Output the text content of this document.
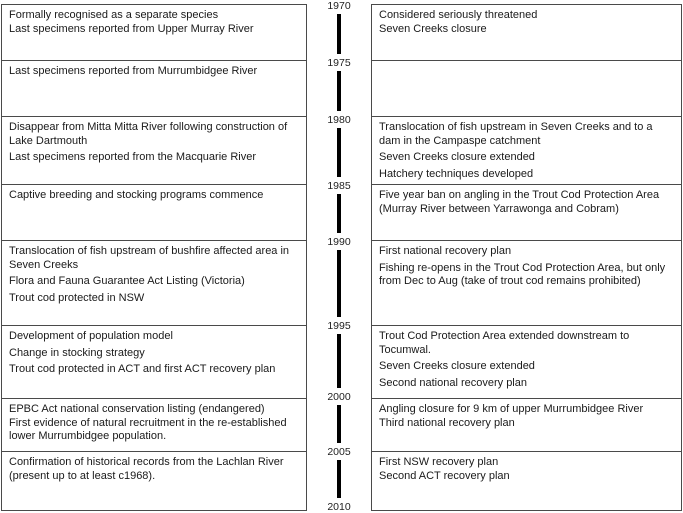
Formally recognised as a separate species
Last specimens reported from Upper Murray River
Last specimens reported from Murrumbidgee River
Disappear from Mitta Mitta River following construction of Lake Dartmouth
Last specimens reported from the Macquarie River
Captive breeding and stocking programs commence
Translocation of fish upstream of bushfire affected area in Seven Creeks
Flora and Fauna Guarantee Act Listing (Victoria)
Trout cod protected in NSW
Development of population model
Change in stocking strategy
Trout cod protected in ACT and first ACT recovery plan
EPBC Act national conservation listing (endangered)
First evidence of natural recruitment in the re-established lower Murrumbidgee population.
Confirmation of historical records from the Lachlan River (present up to at least c1968).
1970
1975
1980
1985
1990
1995
2000
2005
2010
Considered seriously threatened
Seven Creeks closure
Translocation of fish upstream in Seven Creeks and to a dam in the Campaspe catchment
Seven Creeks closure extended
Hatchery techniques developed
Five year ban on angling in the Trout Cod Protection Area (Murray River between Yarrawonga and Cobram)
First national recovery plan
Fishing re-opens in the Trout Cod Protection Area, but only from Dec to Aug (take of trout cod remains prohibited)
Trout Cod Protection Area extended downstream to Tocumwal.
Seven Creeks closure extended
Second national recovery plan
Angling closure for 9 km of upper Murrumbidgee River
Third national recovery plan
First NSW recovery plan
Second ACT recovery plan
